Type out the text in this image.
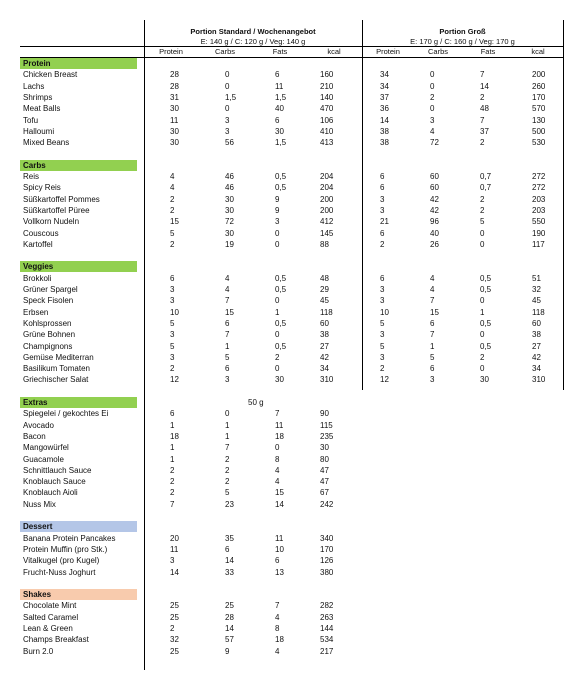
Portion Standard / Wochenangebot
E: 140 g / C: 120 g / Veg: 140 g
Portion Groß
E: 170 g / C: 160 g / Veg: 170 g
Protein	Carbs	Fats	kcal	Protein	Carbs	Fats	kcal
Protein
Chicken Breast	28	0	6	160	34	0	7	200
Lachs	28	0	11	210	34	0	14	260
Shrimps	31	1,5	1,5	140	37	2	2	170
Meat Balls	30	0	40	470	36	0	48	570
Tofu	11	3	6	106	14	3	7	130
Halloumi	30	3	30	410	38	4	37	500
Mixed Beans	30	56	1,5	413	38	72	2	530
Carbs
Reis	4	46	0,5	204	6	60	0,7	272
Spicy Reis	4	46	0,5	204	6	60	0,7	272
Süßkartoffel Pommes	2	30	9	200	3	42	2	203
Süßkartoffel Püree	2	30	9	200	3	42	2	203
Vollkorn Nudeln	15	72	3	412	21	96	5	550
Couscous	5	30	0	145	6	40	0	190
Kartoffel	2	19	0	88	2	26	0	117
Veggies
Brokkoli	6	4	0,5	48	6	4	0,5	51
Grüner Spargel	3	4	0,5	29	3	4	0,5	32
Speck Fisolen	3	7	0	45	3	7	0	45
Erbsen	10	15	1	118	10	15	1	118
Kohlsprossen	5	6	0,5	60	5	6	0,5	60
Grüne Bohnen	3	7	0	38	3	7	0	38
Champignons	5	1	0,5	27	5	1	0,5	27
Gemüse Mediterran	3	5	2	42	3	5	2	42
Basilikum Tomaten	2	6	0	34	2	6	0	34
Griechischer Salat	12	3	30	310	12	3	30	310
Extras	50 g
Spiegelei / gekochtes Ei	6	0	7	90
Avocado	1	1	11	115
Bacon	18	1	18	235
Mangowürfel	1	7	0	30
Guacamole	1	2	8	80
Schnittlauch Sauce	2	2	4	47
Knoblauch Sauce	2	2	4	47
Knoblauch Aioli	2	5	15	67
Nuss Mix	7	23	14	242
Dessert
Banana Protein Pancakes	20	35	11	340
Protein Muffin (pro Stk.)	11	6	10	170
Vitalkugel (pro Kugel)	3	14	6	126
Frucht-Nuss Joghurt	14	33	13	380
Shakes
Chocolate Mint	25	25	7	282
Salted Caramel	25	28	4	263
Lean & Green	2	14	8	144
Champs Breakfast	32	57	18	534
Burn 2.0	25	9	4	217
